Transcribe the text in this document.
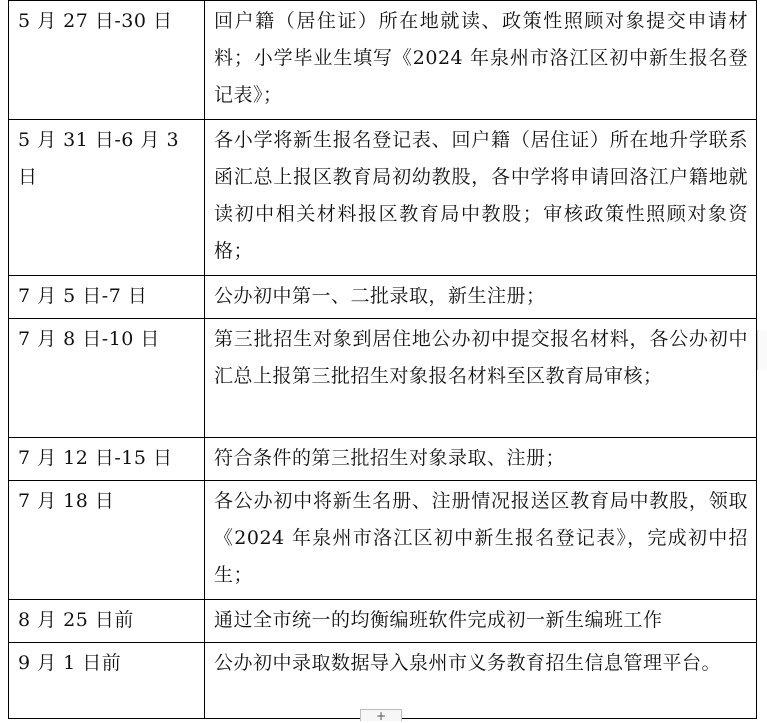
5 月 27 日-30 日	回户籍（居住证）所在地就读、政策性照顾对象提交申请材料；小学毕业生填写《2024 年泉州市洛江区初中新生报名登记表》；
5 月 31 日-6 月 3 日	各小学将新生报名登记表、回户籍（居住证）所在地升学联系函汇总上报区教育局初幼教股，各中学将申请回洛江户籍地就读初中相关材料报区教育局中教股；审核政策性照顾对象资格；
7 月 5 日-7 日	公办初中第一、二批录取，新生注册；
7 月 8 日-10 日	第三批招生对象到居住地公办初中提交报名材料，各公办初中汇总上报第三批招生对象报名材料至区教育局审核；
7 月 12 日-15 日	符合条件的第三批招生对象录取、注册；
7 月 18 日	各公办初中将新生名册、注册情况报送区教育局中教股，领取《2024 年泉州市洛江区初中新生报名登记表》，完成初中招生；
8 月 25 日前	通过全市统一的均衡编班软件完成初一新生编班工作
9 月 1 日前	公办初中录取数据导入泉州市义务教育招生信息管理平台。
+
